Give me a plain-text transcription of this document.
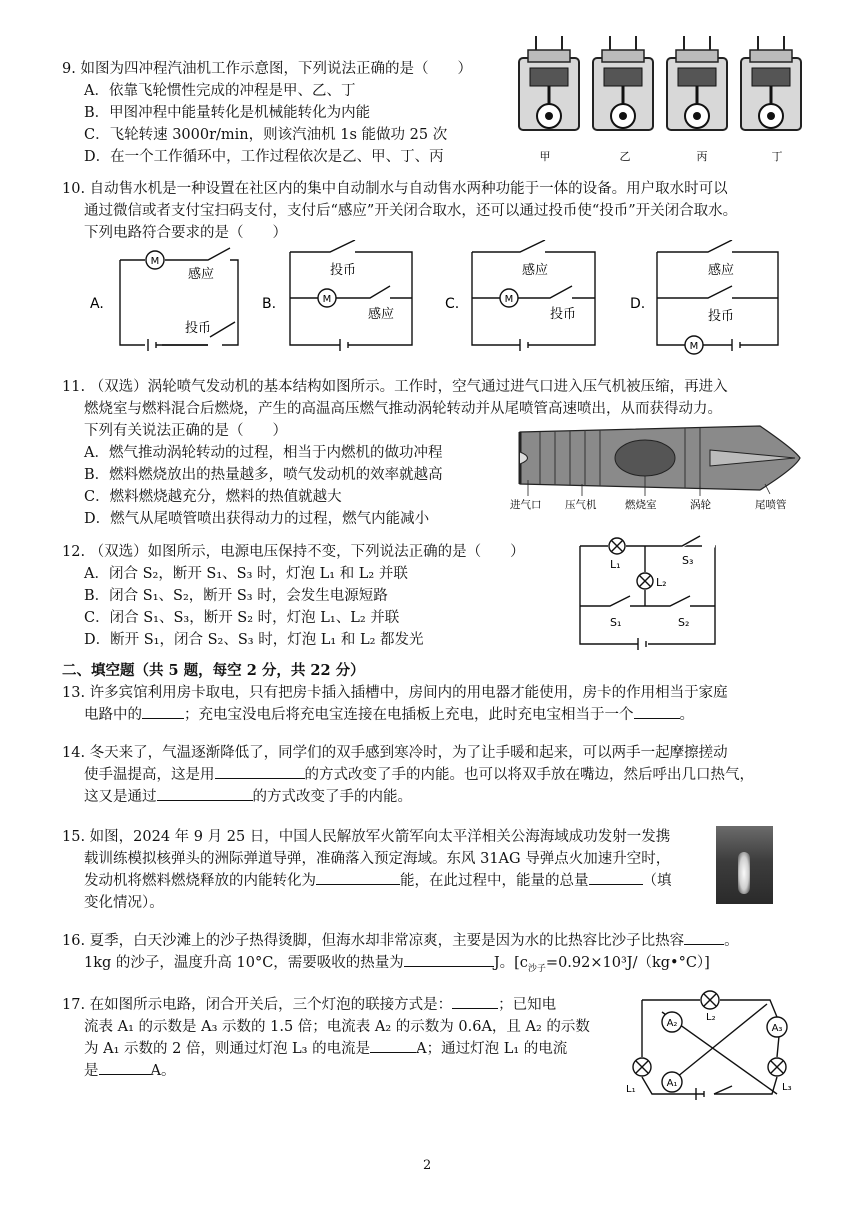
9. 如图为四冲程汽油机工作示意图，下列说法正确的是（　　）
A．依靠飞轮惯性完成的冲程是甲、乙、丁
B．甲图冲程中能量转化是机械能转化为内能
C．飞轮转速 3000r/min，则该汽油机 1s 能做功 25 次
D．在一个工作循环中，工作过程依次是乙、甲、丁、丙	甲	乙	丙	丁
10. 自动售水机是一种设置在社区内的集中自动制水与自动售水两种功能于一体的设备。用户取水时可以
通过微信或者支付宝扫码支付，支付后“感应”开关闭合取水，还可以通过投币使“投币”开关闭合取水。
下列电路符合要求的是（　　）
A.
M
感应
投币
B.	M
投币
感应
C.	M
感应
投币
D.
M
感应
投币
11. （双选）涡轮喷气发动机的基本结构如图所示。工作时，空气通过进气口进入压气机被压缩，再进入
燃烧室与燃料混合后燃烧，产生的高温高压燃气推动涡轮转动并从尾喷管高速喷出，从而获得动力。
下列有关说法正确的是（　　）
A．燃气推动涡轮转动的过程，相当于内燃机的做功冲程
B．燃料燃烧放出的热量越多，喷气发动机的效率就越高
C．燃料燃烧越充分，燃料的热值就越大
D．燃气从尾喷管喷出获得动力的过程，燃气内能减小
进气口 压气机	燃烧室	涡轮	尾喷管
12. （双选）如图所示，电源电压保持不变，下列说法正确的是（　　）
A．闭合 S₂，断开 S₁、S₃ 时，灯泡 L₁ 和 L₂ 并联
B．闭合 S₁、S₂，断开 S₃ 时，会发生电源短路
C．闭合 S₁、S₃，断开 S₂ 时，灯泡 L₁、L₂ 并联
D．断开 S₁，闭合 S₂、S₃ 时，灯泡 L₁ 和 L₂ 都发光
L₁
L₂
S₃
S₁	S₂
二、填空题（共 5 题，每空 2 分，共 22 分）
13. 许多宾馆利用房卡取电，只有把房卡插入插槽中，房间内的用电器才能使用，房卡的作用相当于家庭
电路中的	；充电宝没电后将充电宝连接在电插板上充电，此时充电宝相当于一个	。
14. 冬天来了，气温逐渐降低了，同学们的双手感到寒冷时，为了让手暖和起来，可以两手一起摩擦搓动
使手温提高，这是用	的方式改变了手的内能。也可以将双手放在嘴边，然后呼出几口热气，
这又是通过	的方式改变了手的内能。
15. 如图，2024 年 9 月 25 日，中国人民解放军火箭军向太平洋相关公海海域成功发射一发携
载训练模拟核弹头的洲际弹道导弹，准确落入预定海域。东风 31AG 导弹点火加速升空时，
发动机将燃料燃烧释放的内能转化为	能，在此过程中，能量的总量	（填
变化情况）。
16. 夏季，白天沙滩上的沙子热得烫脚，但海水却非常凉爽，主要是因为水的比热容比沙子比热容	。
1kg 的沙子，温度升高 10°C，需要吸收的热量为	J。$[c_{沙子}=0.92\times 10^3J/(kg•^\circ C)]$
17. 在如图所示电路，闭合开关后，三个灯泡的联接方式是：	；已知电
流表 A₁ 的示数是 A₃ 示数的 1.5 倍；电流表 A₂ 的示数为 0.6A，且 A₂ 的示数
为 A₁ 示数的 2 倍，则通过灯泡 L₃ 的电流是	A；通过灯泡 L₁ 的电流
是	A。
A₂
L₂
A₃
L₁
A₁	L₃
2
